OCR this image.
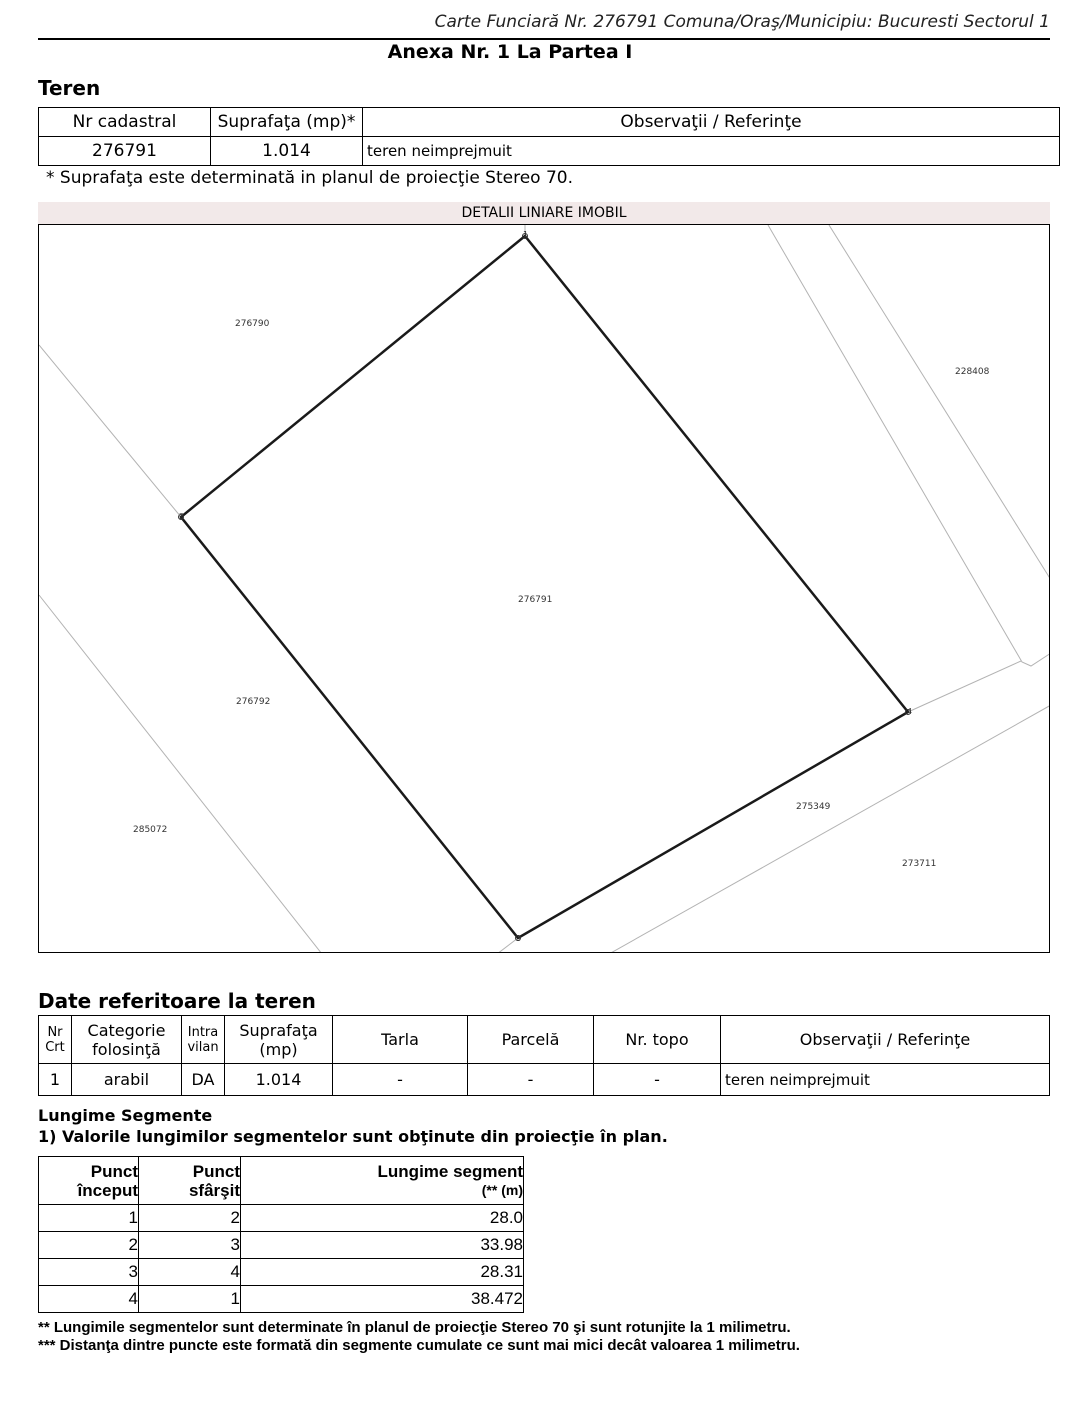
Carte Funciară Nr. 276791 Comuna/Oraş/Municipiu: Bucuresti Sectorul 1
Anexa Nr. 1 La Partea I
Teren
Nr cadastral	Suprafaţa (mp)*	Observaţii / Referinţe
276791	1.014	teren neimprejmuit
* Suprafaţa este determinată in planul de proiecţie Stereo 70.
DETALII LINIARE IMOBIL
1
2
3
4
276791
276790
228408
276792
285072
275349
273711
Date referitoare la teren
Nr Crt	Categorie folosinţă	Intra vilan	Suprafaţa (mp)	Tarla	Parcelă	Nr. topo	Observaţii / Referinţe
1	arabil	DA	1.014	-	-	-	teren neimprejmuit
Lungime Segmente
1) Valorile lungimilor segmentelor sunt obţinute din proiecţie în plan.
Punct început	Punct sfârşit	Lungime segment
(** (m)

1	2	28.0
2	3	33.98
3	4	28.31
4	1	38.472
** Lungimile segmentelor sunt determinate în planul de proiecţie Stereo 70 şi sunt rotunjite la 1 milimetru.
*** Distanţa dintre puncte este formată din segmente cumulate ce sunt mai mici decât valoarea 1 milimetru.
